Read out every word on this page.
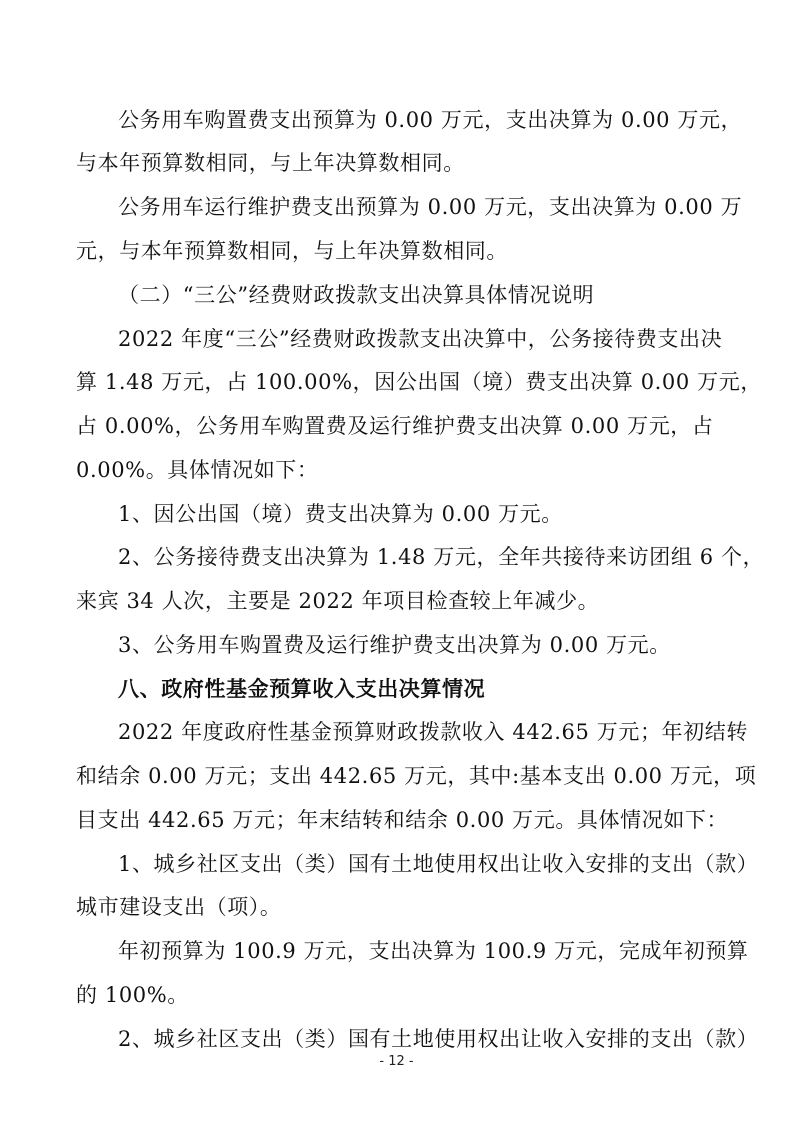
公务用车购置费支出预算为 0.00 万元，支出决算为 0.00 万元，
与本年预算数相同，与上年决算数相同。
公务用车运行维护费支出预算为 0.00 万元，支出决算为 0.00 万
元，与本年预算数相同，与上年决算数相同。
（二）“三公”经费财政拨款支出决算具体情况说明
2022 年度“三公”经费财政拨款支出决算中，公务接待费支出决
算 1.48 万元，占 100.00%，因公出国（境）费支出决算 0.00 万元，
占 0.00%，公务用车购置费及运行维护费支出决算 0.00 万元，占
0.00%。具体情况如下：
1、因公出国（境）费支出决算为 0.00 万元。
2、公务接待费支出决算为 1.48 万元，全年共接待来访团组 6 个，
来宾 34 人次，主要是 2022 年项目检查较上年减少。
3、公务用车购置费及运行维护费支出决算为 0.00 万元。
八、政府性基金预算收入支出决算情况
2022 年度政府性基金预算财政拨款收入 442.65 万元；年初结转
和结余 0.00 万元；支出 442.65 万元，其中:基本支出 0.00 万元，项
目支出 442.65 万元；年末结转和结余 0.00 万元。具体情况如下：
1、城乡社区支出（类）国有土地使用权出让收入安排的支出（款）
城市建设支出（项）。
年初预算为 100.9 万元，支出决算为 100.9 万元，完成年初预算
的 100%。
2、城乡社区支出（类）国有土地使用权出让收入安排的支出（款）
- 12 -
